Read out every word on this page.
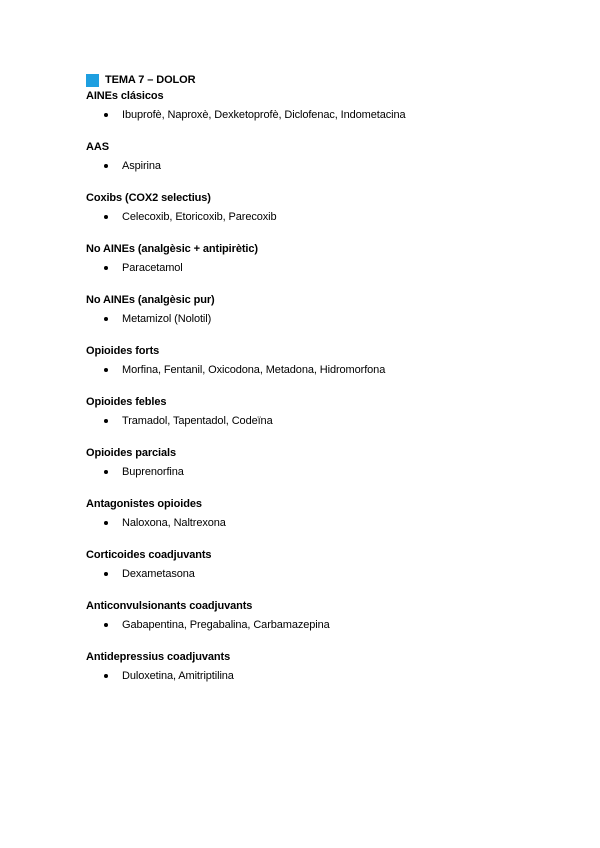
TEMA 7 – DOLOR
AINEs clásicos
Ibuprofè, Naproxè, Dexketoprofè, Diclofenac, Indometacina
AAS
Aspirina
Coxibs (COX2 selectius)
Celecoxib, Etoricoxib, Parecoxib
No AINEs (analgèsic + antipirètic)
Paracetamol
No AINEs (analgèsic pur)
Metamizol (Nolotil)
Opioides forts
Morfina, Fentanil, Oxicodona, Metadona, Hidromorfona
Opioides febles
Tramadol, Tapentadol, Codeïna
Opioides parcials
Buprenorfina
Antagonistes opioides
Naloxona, Naltrexona
Corticoides coadjuvants
Dexametasona
Anticonvulsionants coadjuvants
Gabapentina, Pregabalina, Carbamazepina
Antidepressius coadjuvants
Duloxetina, Amitriptilina
